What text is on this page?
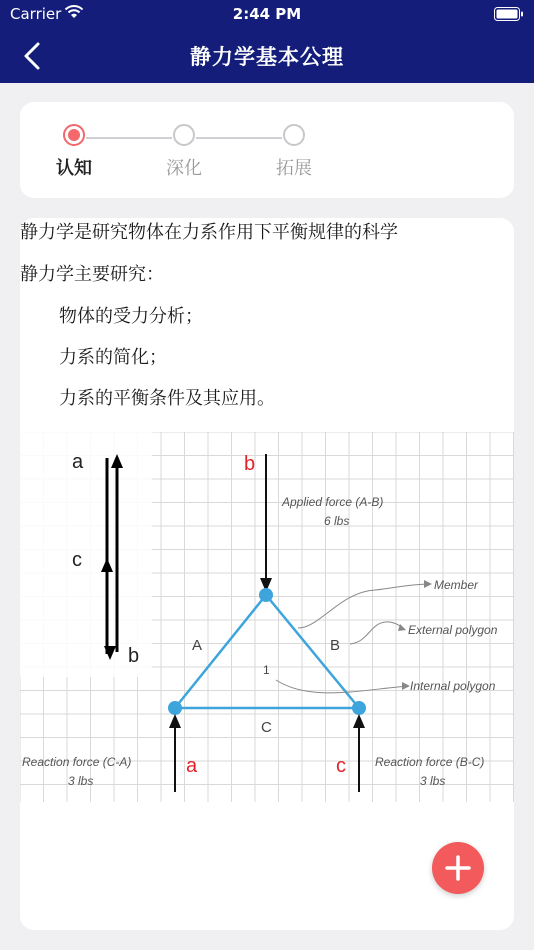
Carrier	2:44 PM
静力学基本公理
认知	深化	拓展
静力学是研究物体在力系作用下平衡规律的科学
静力学主要研究：
物体的受力分析；
力系的简化；
力系的平衡条件及其应用。
a
c
b
b
Applied force (A-B)
6 lbs
A	B
C
1
Member
External polygon
Internal polygon
a	c
Reaction force (C-A)
3 lbs
Reaction force (B-C)
3 lbs
